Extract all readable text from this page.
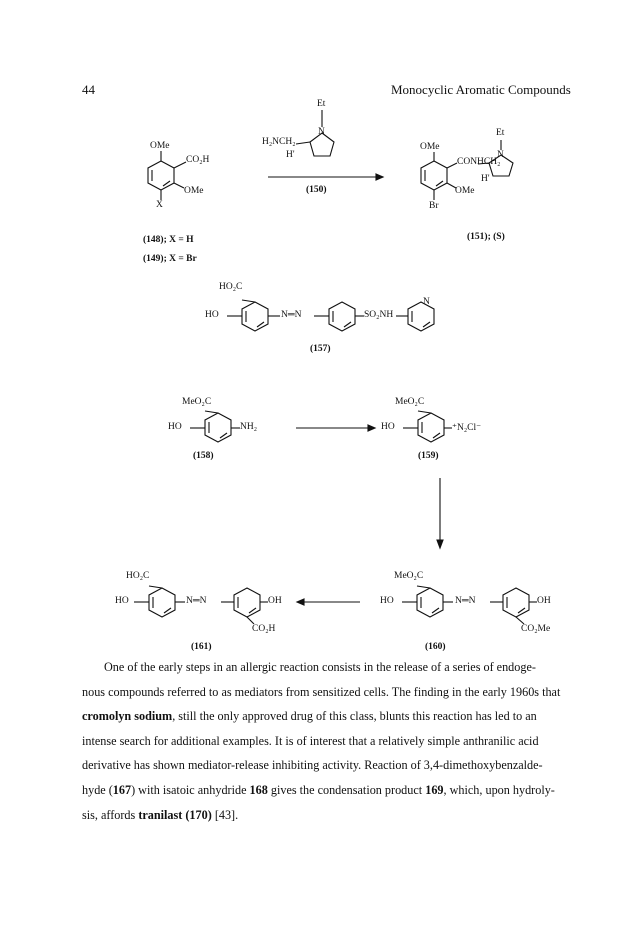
44	Monocyclic Aromatic Compounds
OMe
CO₂H
OMe
X
(148); X = H
(149); X = Br
Et
N
H₂NCH₂
H'
(150)
OMe
CONHCH₂
Et
N
H'
OMe
Br
(151); (S)
HO₂C
HO	N═N	SO₂NH
N
(157)
MeO₂C
HO	NH₂
(158)
MeO₂C
HO	⁺N₂Cl⁻
(159)
MeO₂C
HO	N═N	OH
CO₂Me
(160)
HO₂C
HO	N═N	OH
CO₂H
(161)
One of the early steps in an allergic reaction consists in the release of a series of endoge-
nous compounds referred to as mediators from sensitized cells. The finding in the early 1960s that
cromolyn sodium, still the only approved drug of this class, blunts this reaction has led to an
intense search for additional examples. It is of interest that a relatively simple anthranilic acid
derivative has shown mediator-release inhibiting activity. Reaction of 3,4-dimethoxybenzalde-
hyde (167) with isatoic anhydride 168 gives the condensation product 169, which, upon hydroly-
sis, affords tranilast (170) [43].
